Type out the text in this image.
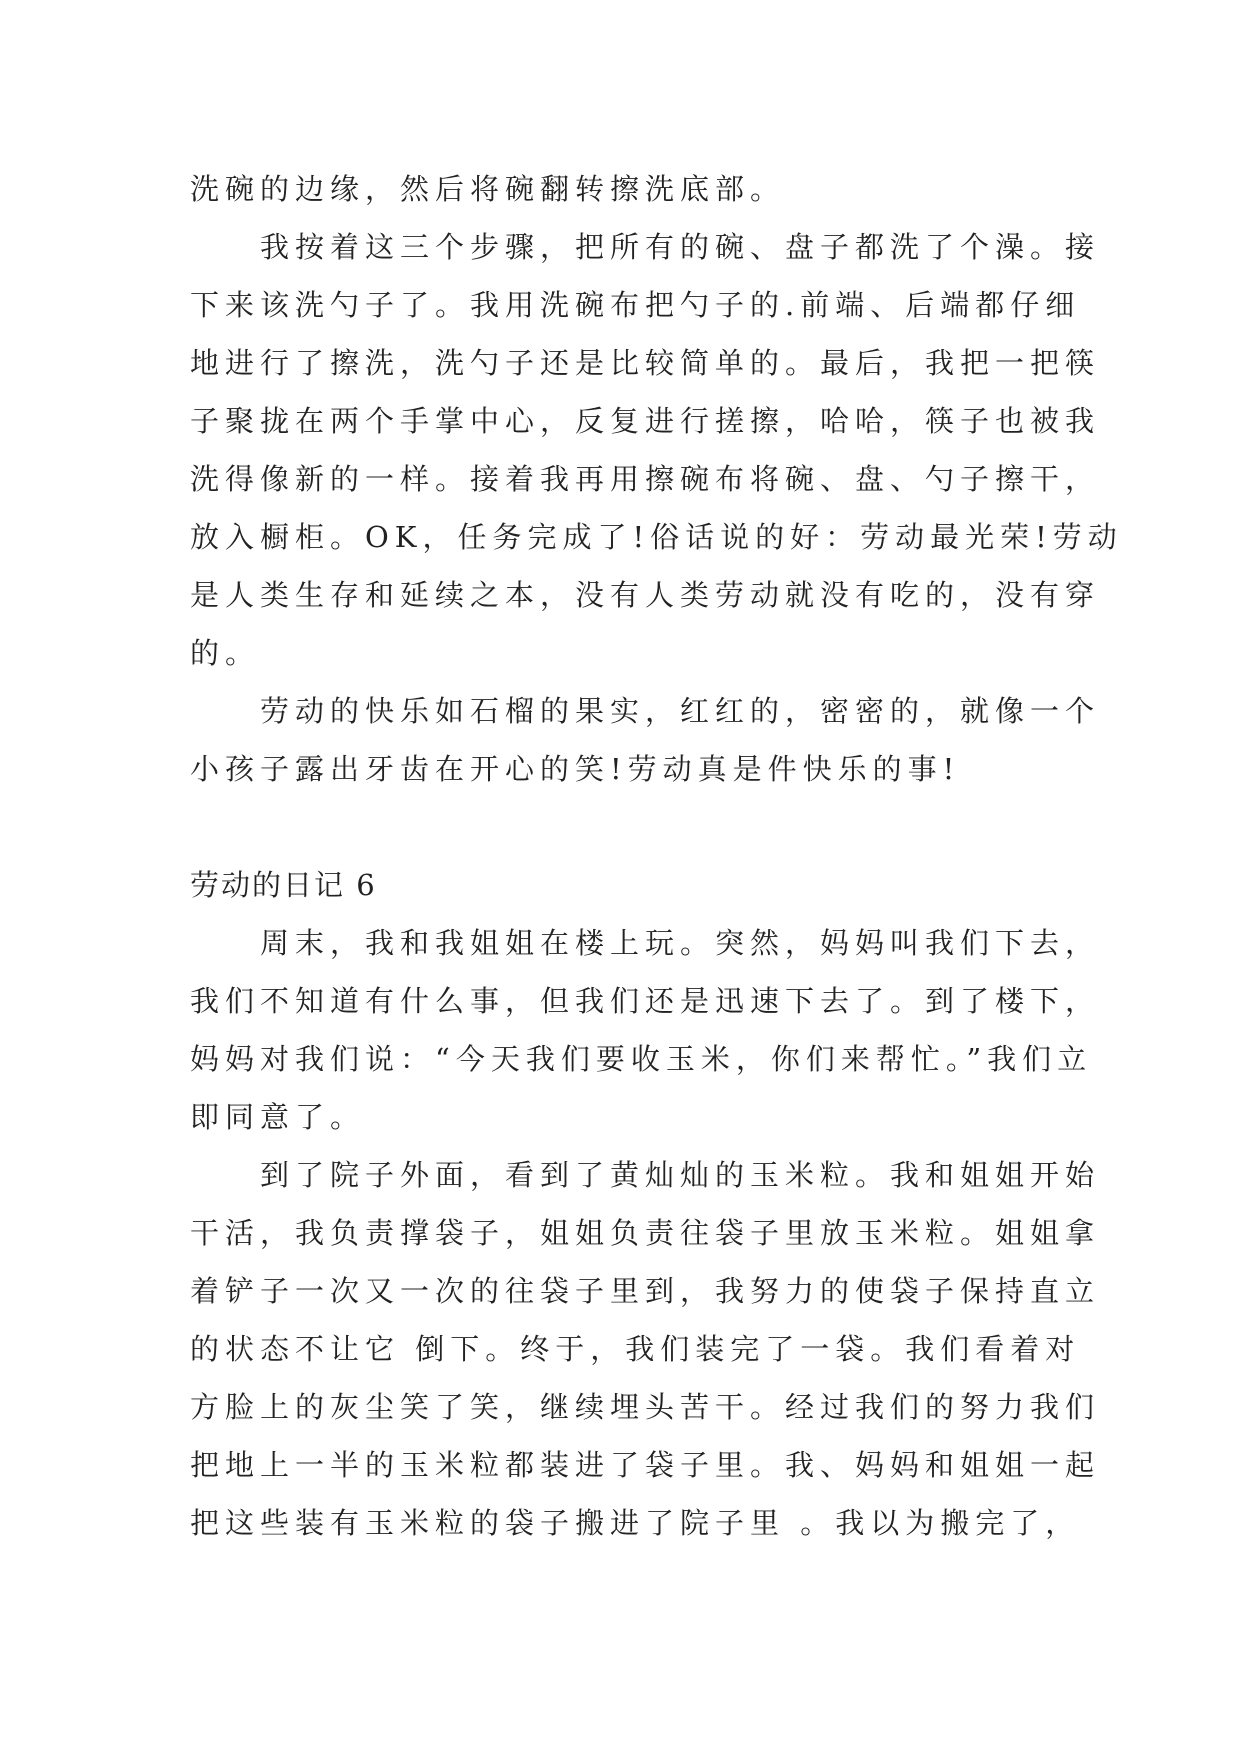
洗碗的边缘，然后将碗翻转擦洗底部。
我按着这三个步骤，把所有的碗、盘子都洗了个澡。接
下来该洗勺子了。我用洗碗布把勺子的.前端、后端都仔细
地进行了擦洗，洗勺子还是比较简单的。最后，我把一把筷
子聚拢在两个手掌中心，反复进行搓擦，哈哈，筷子也被我
洗得像新的一样。接着我再用擦碗布将碗、盘、勺子擦干，
放入橱柜。OK，任务完成了!俗话说的好：劳动最光荣!劳动
是人类生存和延续之本，没有人类劳动就没有吃的，没有穿
的。
劳动的快乐如石榴的果实，红红的，密密的，就像一个
小孩子露出牙齿在开心的笑!劳动真是件快乐的事!
劳动的日记 6
周末，我和我姐姐在楼上玩。突然，妈妈叫我们下去，
我们不知道有什么事，但我们还是迅速下去了。到了楼下，
妈妈对我们说：“今天我们要收玉米，你们来帮忙。”我们立
即同意了。
到了院子外面，看到了黄灿灿的玉米粒。我和姐姐开始
干活，我负责撑袋子，姐姐负责往袋子里放玉米粒。姐姐拿
着铲子一次又一次的往袋子里到，我努力的使袋子保持直立
的状态不让它 倒下。终于，我们装完了一袋。我们看着对
方脸上的灰尘笑了笑，继续埋头苦干。经过我们的努力我们
把地上一半的玉米粒都装进了袋子里。我、妈妈和姐姐一起
把这些装有玉米粒的袋子搬进了院子里 。我以为搬完了，
